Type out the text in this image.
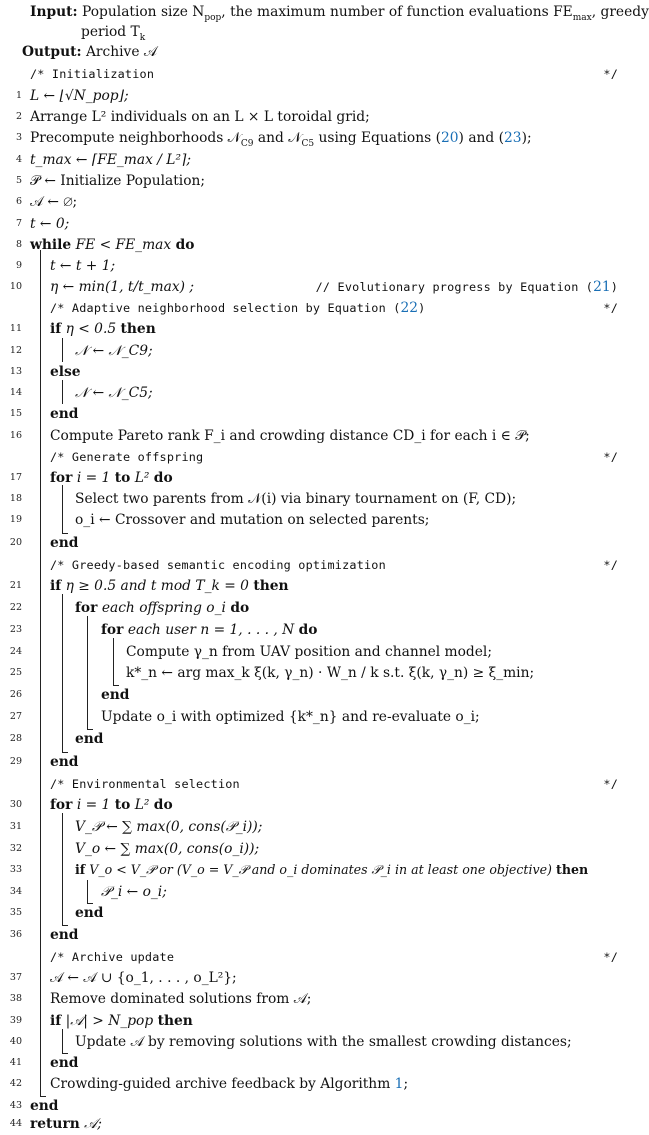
Input: Population size $N_{pop}$, the maximum number of function evaluations $FE_{max}$, greedy
period $T_k$
Output: Archive 𝒜
/* Initialization	*/
1 L ← ⌊√N_pop⌋;
2 Arrange L² individuals on an L × L toroidal grid;
3 Precompute neighborhoods 𝒩$_{C9}$ and 𝒩$_{C5}$ using Equations (20) and (23);
4 t_max ← ⌈FE_max / L²⌉;
5 𝒫 ← Initialize Population;
6 𝒜 ← ∅;
7 t ← 0;
8 while FE < FE_max do
9 t ← t + 1;
10 η ← min(1, t/t_max) ;	// Evolutionary progress by Equation (21)
/* Adaptive neighborhood selection by Equation (22)	*/
11 if η < 0.5 then
12	𝒩 ← 𝒩_C9;
13 else
14	𝒩 ← 𝒩_C5;
15 end
16 Compute Pareto rank F_i and crowding distance CD_i for each i ∈ 𝒫;
/* Generate offspring	*/
17 for i = 1 to L² do
18	Select two parents from 𝒩(i) via binary tournament on (F, CD);
19	o_i ← Crossover and mutation on selected parents;
20 end
/* Greedy-based semantic encoding optimization	*/
21 if η ≥ 0.5 and t mod T_k = 0 then
22	for each offspring o_i do
23	for each user n = 1, . . . , N do
24	Compute γ_n from UAV position and channel model;
25	k*_n ← arg max_k ξ(k, γ_n) · W_n / k s.t. ξ(k, γ_n) ≥ ξ_min;
26	end
27	Update o_i with optimized {k*_n} and re-evaluate o_i;
28	end
29 end
/* Environmental selection	*/
30 for i = 1 to L² do
31	V_𝒫 ← ∑ max(0, cons(𝒫_i));
32	V_o ← ∑ max(0, cons(o_i));
33	if V_o < V_𝒫 or (V_o = V_𝒫 and o_i dominates 𝒫_i in at least one objective) then
34	𝒫_i ← o_i;
35	end
36 end
/* Archive update	*/
37 𝒜 ← 𝒜 ∪ {o_1, . . . , o_L²};
38 Remove dominated solutions from 𝒜;
39 if |𝒜| > N_pop then
40	Update 𝒜 by removing solutions with the smallest crowding distances;
41 end
42 Crowding-guided archive feedback by Algorithm 1;
43 end
44 return 𝒜;
